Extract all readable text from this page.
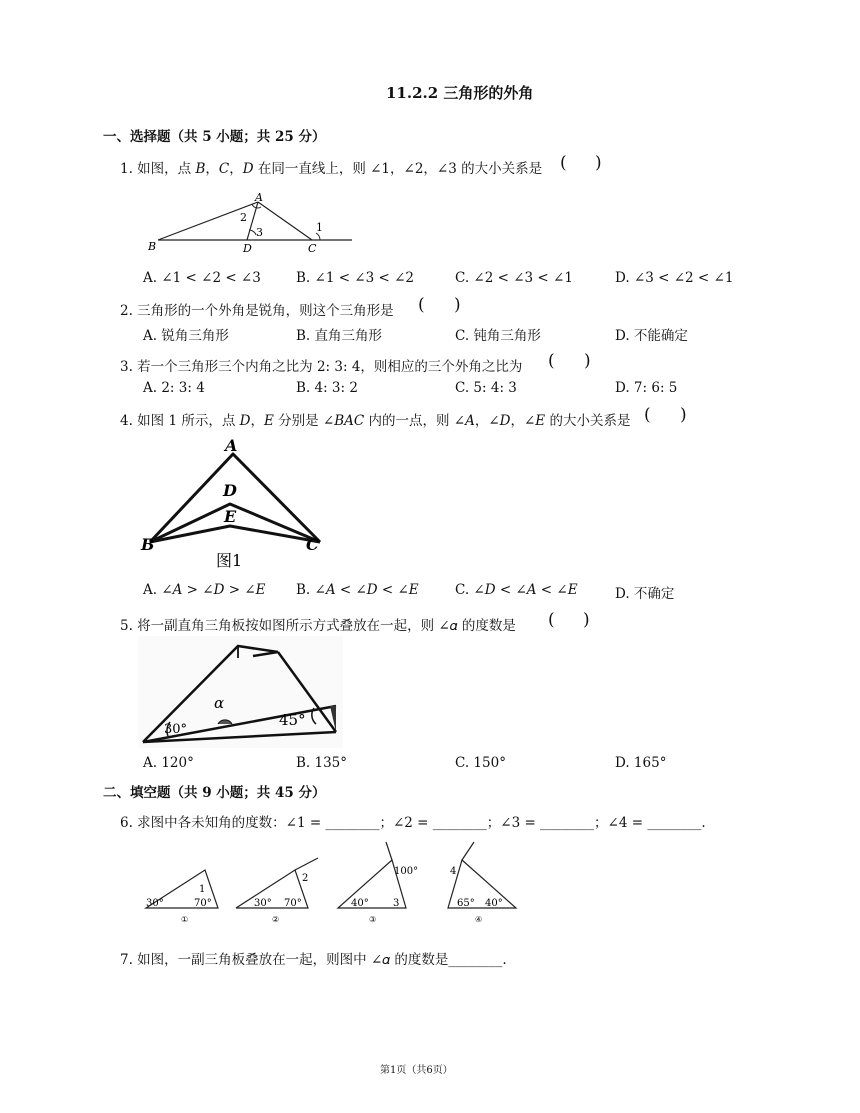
11.2.2 三角形的外角
一、选择题（共 5 小题；共 25 分）
1. 如图，点 𝐵，𝐶，𝐷 在同一直线上，则 ∠1，∠2，∠3 的大小关系是 ( )
A
B	C
D
2
3	1
A. ∠1 < ∠2 < ∠3	B. ∠1 < ∠3 < ∠2	C. ∠2 < ∠3 < ∠1	D. ∠3 < ∠2 < ∠1
2. 三角形的一个外角是锐角，则这个三角形是 ( )
A. 锐角三角形	B. 直角三角形	C. 钝角三角形	D. 不能确定
3. 若一个三角形三个内角之比为 2: 3: 4，则相应的三个外角之比为 ( )
A. 2: 3: 4	B. 4: 3: 2	C. 5: 4: 3	D. 7: 6: 5
4. 如图 1 所示，点 𝐷，𝐸 分别是 ∠𝐵𝐴𝐶 内的一点，则 ∠𝐴，∠𝐷，∠𝐸 的大小关系是 ( )
A
D
E
B	C
图1
A. ∠𝐴 > ∠𝐷 > ∠𝐸 B. ∠𝐴 < ∠𝐷 < ∠𝐸	C. ∠𝐷 < ∠𝐴 < ∠𝐸	D. 不确定
5. 将一副直角三角板按如图所示方式叠放在一起，则 ∠𝛼 的度数是 ( )
α
30°
45°
A. 120°	B. 135°	C. 150°	D. 165°
二、填空题（共 9 小题；共 45 分）
6. 求图中各未知角的度数：∠1 = ________；∠2 = ________；∠3 = ________；∠4 = ________.
30°	70°
1
①
30° 70°
2
②
40° 3
100°
③
4
65° 40°
④
7. 如图，一副三角板叠放在一起，则图中 ∠𝛼 的度数是________.
第1页（共6页）
